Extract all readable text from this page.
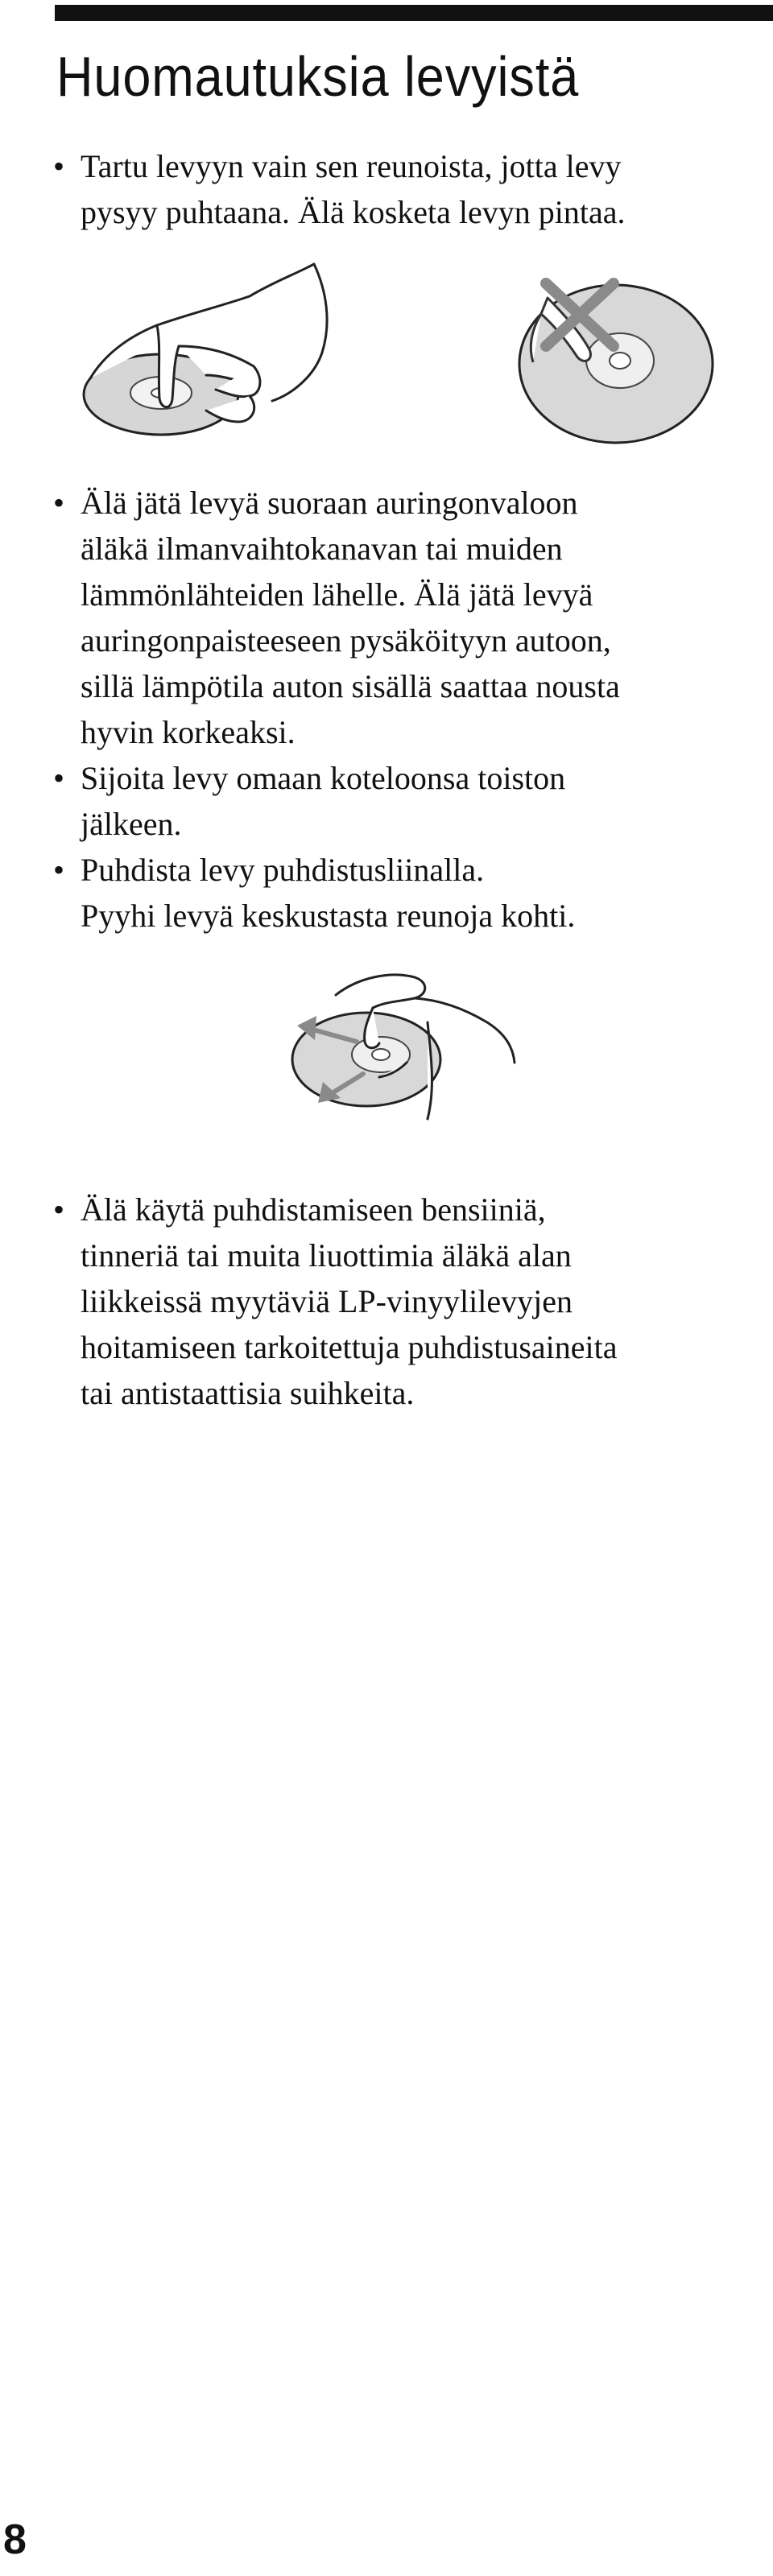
Huomautuksia levyistä
• Tartu levyyn vain sen reunoista, jotta levy
pysyy puhtaana. Älä kosketa levyn pintaa.
• Älä jätä levyä suoraan auringonvaloon
äläkä ilmanvaihtokanavan tai muiden
lämmönlähteiden lähelle. Älä jätä levyä
auringonpaisteeseen pysäköityyn autoon,
sillä lämpötila auton sisällä saattaa nousta
hyvin korkeaksi.
• Sijoita levy omaan koteloonsa toiston
jälkeen.
• Puhdista levy puhdistusliinalla.
Pyyhi levyä keskustasta reunoja kohti.
• Älä käytä puhdistamiseen bensiiniä,
tinneriä tai muita liuottimia äläkä alan
liikkeissä myytäviä LP-vinyylilevyjen
hoitamiseen tarkoitettuja puhdistusaineita
tai antistaattisia suihkeita.
8
